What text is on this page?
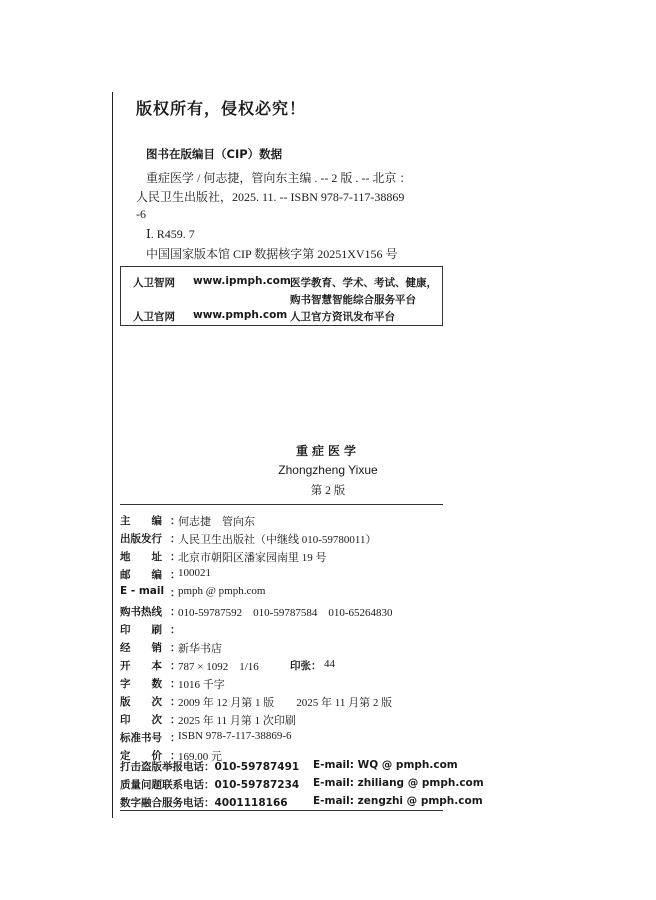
版权所有，侵权必究！
图书在版编目（CIP）数据
重症医学 / 何志捷，管向东主编 . -- 2 版 . -- 北京 ：
人民卫生出版社，2025. 11. -- ISBN 978-7-117-38869
-6
Ⅰ. R459. 7
中国国家版本馆 CIP 数据核字第 20251XV156 号
人卫智网 www.ipmph.com 医学教育、学术、考试、健康，
购书智慧智能综合服务平台
人卫官网 www.pmph.com 人卫官方资讯发布平台
重症医学
Zhongzheng Yixue
第 2 版
主　　编 ：
何志捷　管向东
出版发行 ：
人民卫生出版社（中继线 010-59780011）
地　　址 ：
北京市朝阳区潘家园南里 19 号
邮　　编 ：
100021
E - mail ：
pmph @ pmph.com
购书热线 ：
010-59787592　010-59787584　010-65264830
印　　刷 ：
经　　销 ：
新华书店
开　　本 ：
787 × 1092　1/16	印张： 44
字　　数 ：
1016 千字
版　　次 ：
2009 年 12 月第 1 版　　2025 年 11 月第 2 版
印　　次 ：
2025 年 11 月第 1 次印刷
标准书号 ：
ISBN 978-7-117-38869-6
定　　价 ：
169.00 元
打击盗版举报电话：010-59787491 E-mail: WQ @ pmph.com
质量问题联系电话：010-59787234 E-mail: zhiliang @ pmph.com
数字融合服务电话：4001118166 E-mail: zengzhi @ pmph.com
